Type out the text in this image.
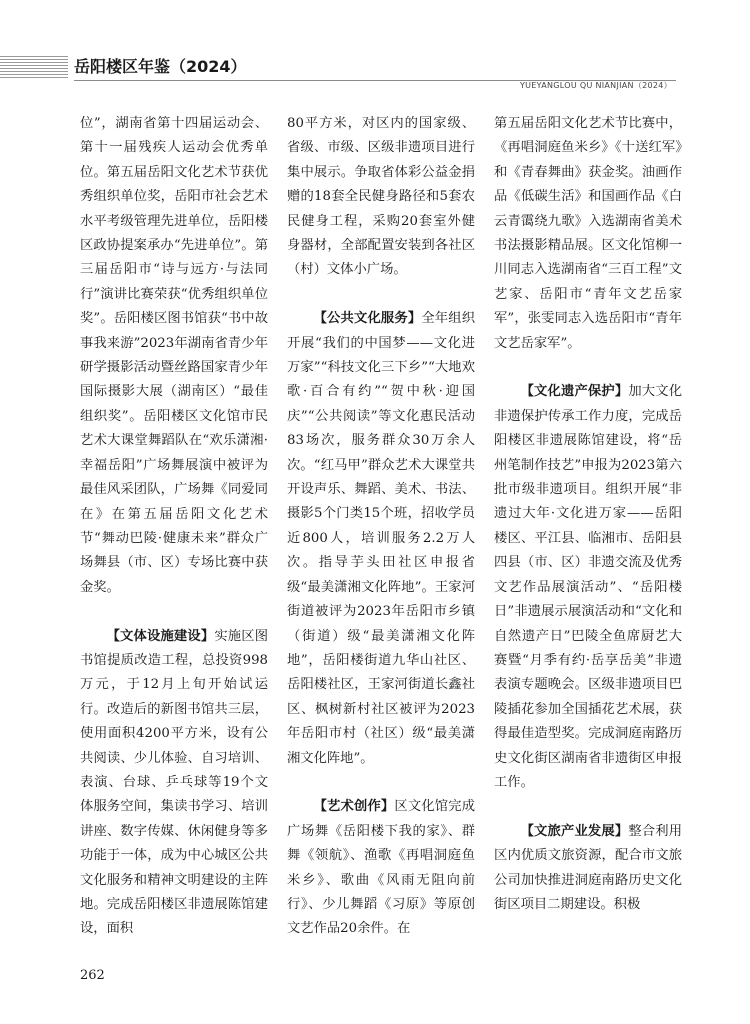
岳阳楼区年鉴（2024）
YUEYANGLOU QU NIANJIAN（2024）

位”，湖南省第十四届运动会、第十一届残疾人运动会优秀单位。第五届岳阳文化艺术节获优秀组织单位奖，岳阳市社会艺术水平考级管理先进单位，岳阳楼区政协提案承办“先进单位”。第三届岳阳市“诗与远方·与法同行”演讲比赛荣获“优秀组织单位奖”。岳阳楼区图书馆获“书中故事我来游”2023年湖南省青少年研学摄影活动暨丝路国家青少年国际摄影大展（湖南区）“最佳组织奖”。岳阳楼区文化馆市民艺术大课堂舞蹈队在“欢乐潇湘·幸福岳阳”广场舞展演中被评为最佳风采团队，广场舞《同爱同在》在第五届岳阳文化艺术节“舞动巴陵·健康未来”群众广场舞县（市、区）专场比赛中获金奖。

【文体设施建设】实施区图书馆提质改造工程，总投资998万元，于12月上旬开始试运行。改造后的新图书馆共三层，使用面积4200平方米，设有公共阅读、少儿体验、自习培训、表演、台球、乒乓球等19个文体服务空间，集读书学习、培训讲座、数字传媒、休闲健身等多功能于一体，成为中心城区公共文化服务和精神文明建设的主阵地。完成岳阳楼区非遗展陈馆建设，面积

80平方米，对区内的国家级、省级、市级、区级非遗项目进行集中展示。争取省体彩公益金捐赠的18套全民健身路径和5套农民健身工程，采购20套室外健身器材，全部配置安装到各社区（村）文体小广场。

【公共文化服务】全年组织开展“我们的中国梦——文化进万家”“科技文化三下乡”“大地欢歌·百合有约”“贺中秋·迎国庆”“公共阅读”等文化惠民活动83场次，服务群众30万余人次。“红马甲”群众艺术大课堂共开设声乐、舞蹈、美术、书法、摄影5个门类15个班，招收学员近800人，培训服务2.2万人次。指导芋头田社区申报省级“最美潇湘文化阵地”。王家河街道被评为2023年岳阳市乡镇（街道）级“最美潇湘文化阵地”，岳阳楼街道九华山社区、岳阳楼社区，王家河街道长鑫社区、枫树新村社区被评为2023年岳阳市村（社区）级“最美潇湘文化阵地”。

【艺术创作】区文化馆完成广场舞《岳阳楼下我的家》、群舞《领航》、渔歌《再唱洞庭鱼米乡》、歌曲《风雨无阻向前行》、少儿舞蹈《习原》等原创文艺作品20余件。在

第五届岳阳文化艺术节比赛中，《再唱洞庭鱼米乡》《十送红军》和《青春舞曲》获金奖。油画作品《低碳生活》和国画作品《白云青霭绕九歌》入选湖南省美术书法摄影精品展。区文化馆柳一川同志入选湖南省“三百工程”文艺家、岳阳市“青年文艺岳家军”，张雯同志入选岳阳市“青年文艺岳家军”。

【文化遗产保护】加大文化非遗保护传承工作力度，完成岳阳楼区非遗展陈馆建设，将“岳州笔制作技艺”申报为2023第六批市级非遗项目。组织开展“非遗过大年·文化进万家——岳阳楼区、平江县、临湘市、岳阳县四县（市、区）非遗交流及优秀文艺作品展演活动”、“岳阳楼日”非遗展示展演活动和“文化和自然遗产日”巴陵全鱼席厨艺大赛暨“月季有约·岳享岳美”非遗表演专题晚会。区级非遗项目巴陵插花参加全国插花艺术展，获得最佳造型奖。完成洞庭南路历史文化街区湖南省非遗街区申报工作。

【文旅产业发展】整合利用区内优质文旅资源，配合市文旅公司加快推进洞庭南路历史文化街区项目二期建设。积极

262
